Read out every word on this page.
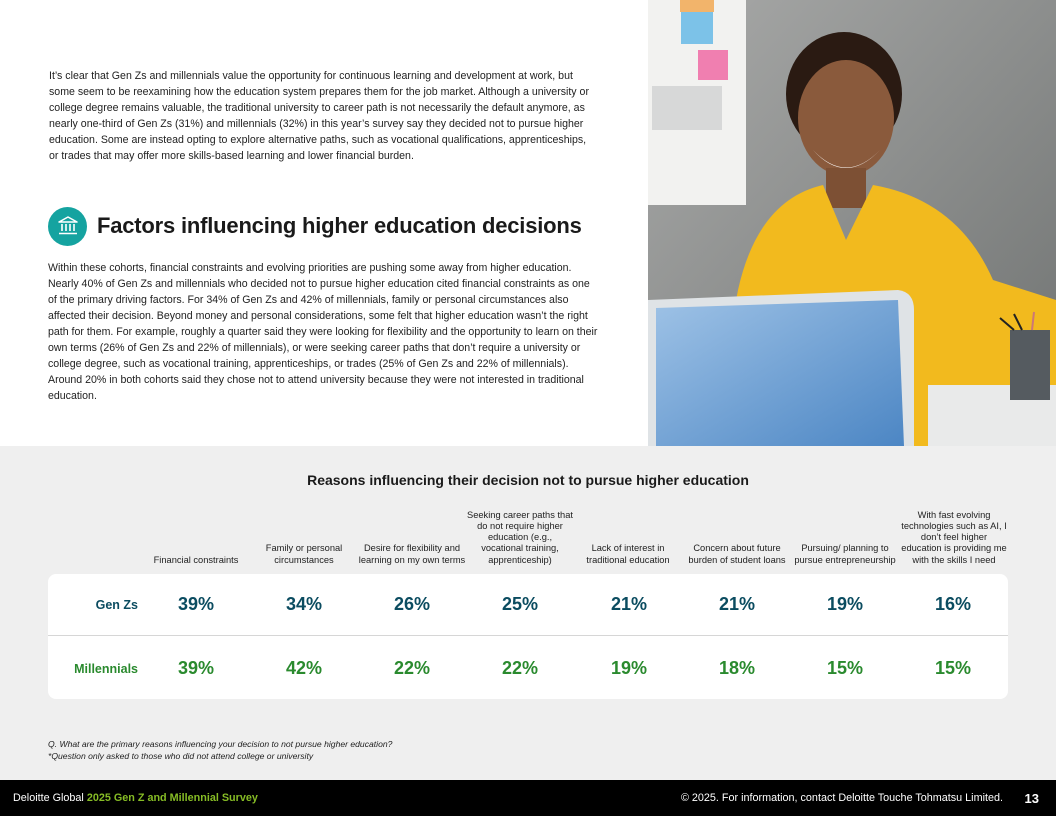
It’s clear that Gen Zs and millennials value the opportunity for continuous learning and development at work, but some seem to be reexamining how the education system prepares them for the job market. Although a university or college degree remains valuable, the traditional university to career path is not necessarily the default anymore, as nearly one-third of Gen Zs (31%) and millennials (32%) in this year’s survey say they decided not to pursue higher education. Some are instead opting to explore alternative paths, such as vocational qualifications, apprenticeships, or trades that may offer more skills-based learning and lower financial burden.

Factors influencing higher education decisions

Within these cohorts, financial constraints and evolving priorities are pushing some away from higher education. Nearly 40% of Gen Zs and millennials who decided not to pursue higher education cited financial constraints as one of the primary driving factors. For 34% of Gen Zs and 42% of millennials, family or personal circumstances also affected their decision. Beyond money and personal considerations, some felt that higher education wasn’t the right path for them. For example, roughly a quarter said they were looking for flexibility and the opportunity to learn on their own terms (26% of Gen Zs and 22% of millennials), or were seeking career paths that don’t require a university or college degree, such as vocational training, apprenticeships, or trades (25% of Gen Zs and 22% of millennials). Around 20% in both cohorts said they chose not to attend university because they were not interested in traditional education.

Reasons influencing their decision not to pursue higher education
Financial constraints
Family or personal circumstances
Desire for flexibility and learning on my own terms
Seeking career paths that do not require higher education (e.g., vocational training, apprenticeship)
Lack of interest in traditional education
Concern about future burden of student loans
Pursuing/ planning to pursue entrepreneurship
With fast evolving technologies such as AI, I don’t feel higher education is providing me with the skills I need
Gen Zs	39%	34%	26%	25%	21%	21%	19%	16%
Millennials	39%	42%	22%	22%	19%	18%	15%	15%
Q. What are the primary reasons influencing your decision to not pursue higher education?
*Question only asked to those who did not attend college or university
Deloitte Global 2025 Gen Z and Millennial Survey	© 2025. For information, contact Deloitte Touche Tohmatsu Limited. 13
